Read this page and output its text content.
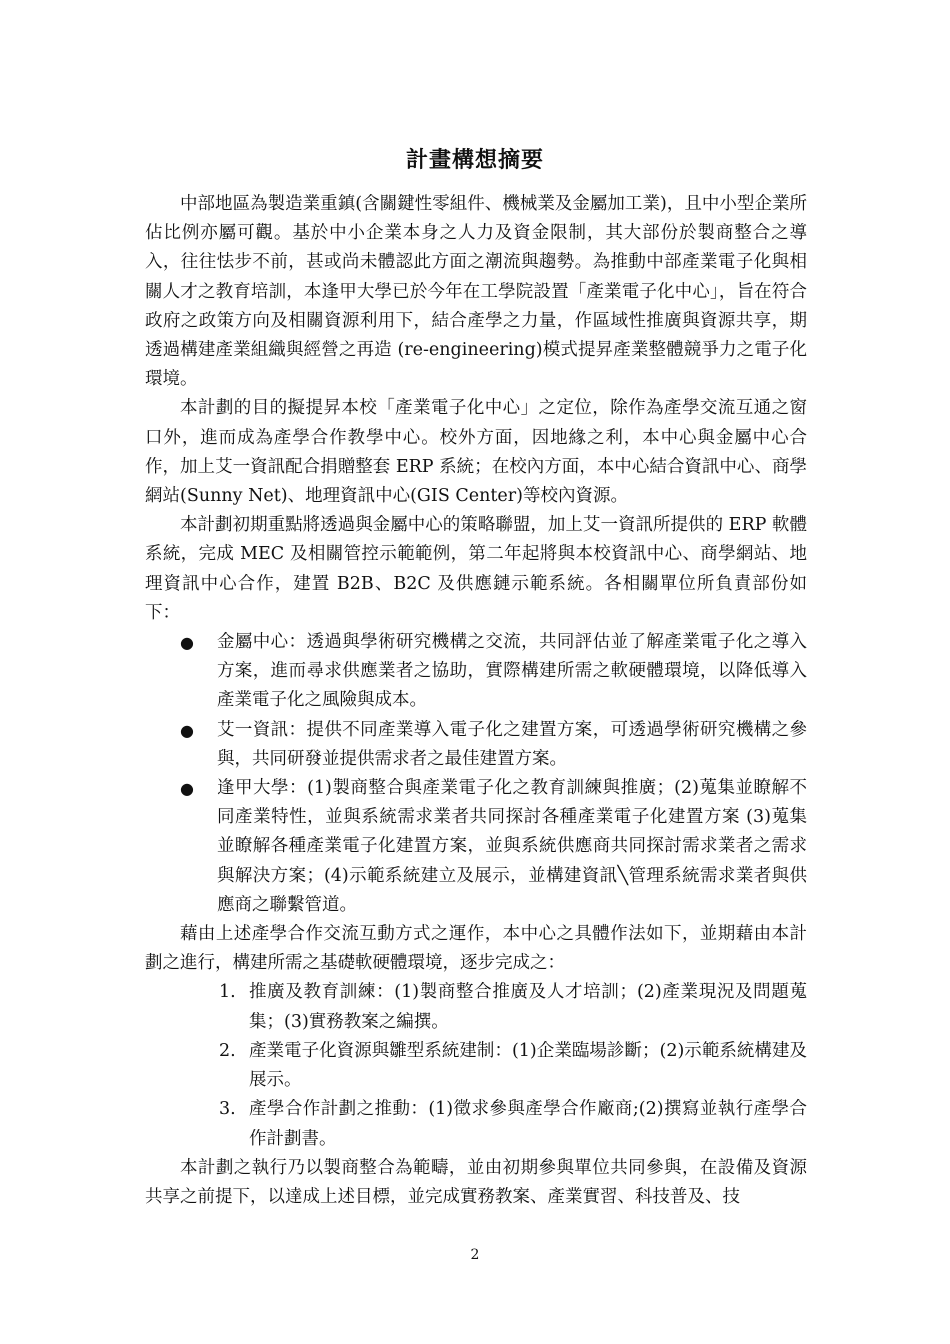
計畫構想摘要

中部地區為製造業重鎮(含關鍵性零組件、機械業及金屬加工業)，且中小型企業所佔比例亦屬可觀。基於中小企業本身之人力及資金限制，其大部份於製商整合之導入，往往怯步不前，甚或尚未體認此方面之潮流與趨勢。為推動中部產業電子化與相關人才之教育培訓，本逢甲大學已於今年在工學院設置「產業電子化中心」，旨在符合政府之政策方向及相關資源利用下，結合產學之力量，作區域性推廣與資源共享，期透過構建產業組織與經營之再造 (re-engineering)模式提昇產業整體競爭力之電子化環境。

本計劃的目的擬提昇本校「產業電子化中心」之定位，除作為產學交流互通之窗口外，進而成為產學合作教學中心。校外方面，因地緣之利，本中心與金屬中心合作，加上艾一資訊配合捐贈整套 ERP 系統；在校內方面，本中心結合資訊中心、商學網站(Sunny Net)、地理資訊中心(GIS Center)等校內資源。

本計劃初期重點將透過與金屬中心的策略聯盟，加上艾一資訊所提供的 ERP 軟體系統，完成 MEC 及相關管控示範範例，第二年起將與本校資訊中心、商學網站、地理資訊中心合作，建置 B2B、B2C 及供應鏈示範系統。各相關單位所負責部份如下：

● 金屬中心：透過與學術研究機構之交流，共同評估並了解產業電子化之導入方案，進而尋求供應業者之協助，實際構建所需之軟硬體環境，以降低導入產業電子化之風險與成本。
● 艾一資訊：提供不同產業導入電子化之建置方案，可透過學術研究機構之參與，共同研發並提供需求者之最佳建置方案。
● 逢甲大學：(1)製商整合與產業電子化之教育訓練與推廣；(2)蒐集並瞭解不同產業特性，並與系統需求業者共同探討各種產業電子化建置方案 (3)蒐集並瞭解各種產業電子化建置方案，並與系統供應商共同探討需求業者之需求與解決方案；(4)示範系統建立及展示，並構建資訊╲管理系統需求業者與供應商之聯繫管道。

藉由上述產學合作交流互動方式之運作，本中心之具體作法如下，並期藉由本計劃之進行，構建所需之基礎軟硬體環境，逐步完成之：

1. 推廣及教育訓練：(1)製商整合推廣及人才培訓；(2)產業現況及問題蒐集；(3)實務教案之編撰。
2. 產業電子化資源與雛型系統建制：(1)企業臨場診斷；(2)示範系統構建及展示。
3. 產學合作計劃之推動：(1)徵求參與產學合作廠商;(2)撰寫並執行產學合作計劃書。

本計劃之執行乃以製商整合為範疇，並由初期參與單位共同參與，在設備及資源共享之前提下，以達成上述目標，並完成實務教案、產業實習、科技普及、技

2
